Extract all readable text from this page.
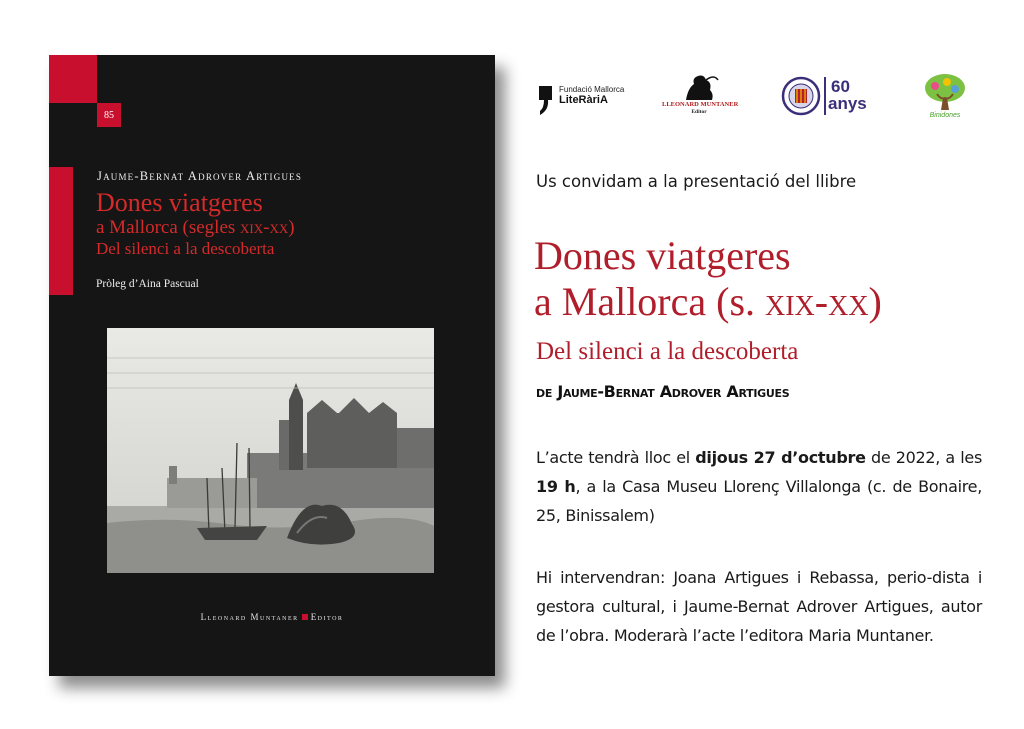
85
Jaume-Bernat Adrover Artigues
Dones viatgeres
a Mallorca (segles xix-xx)
Del silenci a la descoberta
Pròleg d’Aina Pascual
Lleonard Muntaner Editor
Fundació Mallorca
LiteRàriA	LLEONARD MUNTANER
Editor
60
anys
Binidones
Us convidam a la presentació del llibre
Dones viatgeres
a Mallorca (s. xix-xx)
Del silenci a la descoberta
de Jaume-Bernat Adrover Artigues
L’acte tendrà lloc el dijous 27 d’octubre de 2022, a les 19 h, a la Casa Museu Llorenç Villalonga (c. de Bonaire, 25, Binissalem)
Hi intervendran: Joana Artigues i Rebassa, perio-dista i gestora cultural, i Jaume-Bernat Adrover Artigues, autor de l’obra. Moderarà l’acte l’editora Maria Muntaner.
